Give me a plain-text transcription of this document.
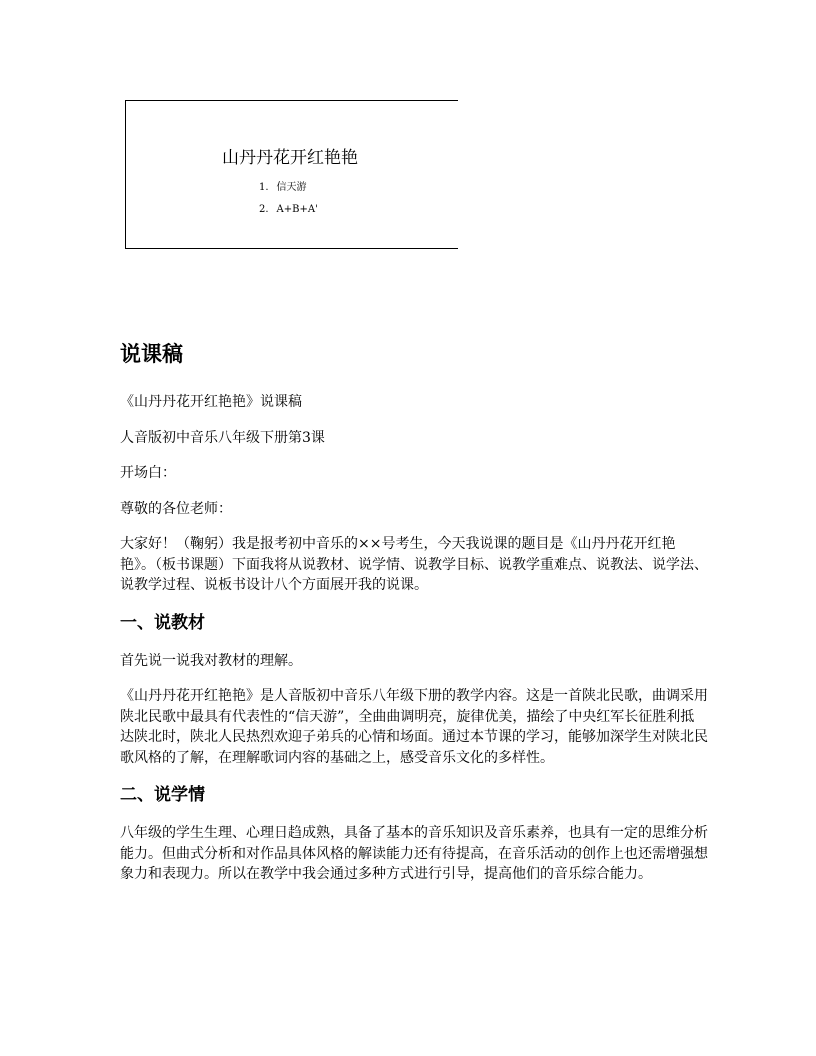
山丹丹花开红艳艳
1. 信天游
2. A+B+A'
说课稿

《山丹丹花开红艳艳》说课稿

人音版初中音乐八年级下册第3课

开场白：

尊敬的各位老师：

大家好！（鞠躬）我是报考初中音乐的××号考生，今天我说课的题目是《山丹丹花开红艳艳》。（板书课题）下面我将从说教材、说学情、说教学目标、说教学重难点、说教法、说学法、说教学过程、说板书设计八个方面展开我的说课。

一、说教材

首先说一说我对教材的理解。

《山丹丹花开红艳艳》是人音版初中音乐八年级下册的教学内容。这是一首陕北民歌，曲调采用陕北民歌中最具有代表性的“信天游”，全曲曲调明亮，旋律优美，描绘了中央红军长征胜利抵达陕北时，陕北人民热烈欢迎子弟兵的心情和场面。通过本节课的学习，能够加深学生对陕北民歌风格的了解，在理解歌词内容的基础之上，感受音乐文化的多样性。

二、说学情

八年级的学生生理、心理日趋成熟，具备了基本的音乐知识及音乐素养，也具有一定的思维分析能力。但曲式分析和对作品具体风格的解读能力还有待提高，在音乐活动的创作上也还需增强想象力和表现力。所以在教学中我会通过多种方式进行引导，提高他们的音乐综合能力。
